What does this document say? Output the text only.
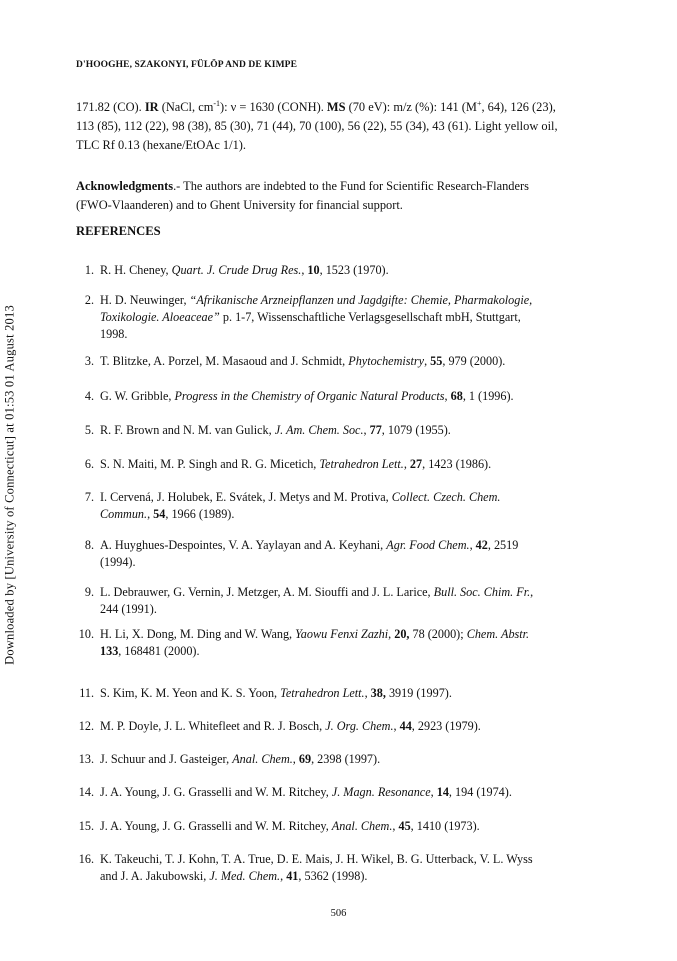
Downloaded by [University of Connecticut] at 01:53 01 August 2013
D'HOOGHE, SZAKONYI, FÜLÖP AND DE KIMPE

171.82 (CO). IR (NaCl, $cm^{-1}$): ν = 1630 (CONH). MS (70 eV): m/z (%): 141 (M+, 64), 126 (23),

113 (85), 112 (22), 98 (38), 85 (30), 71 (44), 70 (100), 56 (22), 55 (34), 43 (61). Light yellow oil,

TLC Rf 0.13 (hexane/EtOAc 1/1).

Acknowledgments.- The authors are indebted to the Fund for Scientific Research-Flanders

(FWO-Vlaanderen) and to Ghent University for financial support.

REFERENCES
1. R. H. Cheney, Quart. J. Crude Drug Res., 10, 1523 (1970).
2. H. D. Neuwinger, “Afrikanische Arzneipflanzen und Jagdgifte: Chemie, Pharmakologie,
Toxikologie. Aloeaceae” p. 1-7, Wissenschaftliche Verlagsgesellschaft mbH, Stuttgart,
1998.
3. T. Blitzke, A. Porzel, M. Masaoud and J. Schmidt, Phytochemistry, 55, 979 (2000).
4. G. W. Gribble, Progress in the Chemistry of Organic Natural Products, 68, 1 (1996).
5. R. F. Brown and N. M. van Gulick, J. Am. Chem. Soc., 77, 1079 (1955).
6. S. N. Maiti, M. P. Singh and R. G. Micetich, Tetrahedron Lett., 27, 1423 (1986).
7. I. Cervená, J. Holubek, E. Svátek, J. Metys and M. Protiva, Collect. Czech. Chem.
Commun., 54, 1966 (1989).
8. A. Huyghues-Despointes, V. A. Yaylayan and A. Keyhani, Agr. Food Chem., 42, 2519
(1994).
9. L. Debrauwer, G. Vernin, J. Metzger, A. M. Siouffi and J. L. Larice, Bull. Soc. Chim. Fr.,
244 (1991).
10. H. Li, X. Dong, M. Ding and W. Wang, Yaowu Fenxi Zazhi, 20, 78 (2000); Chem. Abstr.
133, 168481 (2000).
11. S. Kim, K. M. Yeon and K. S. Yoon, Tetrahedron Lett., 38, 3919 (1997).
12. M. P. Doyle, J. L. Whitefleet and R. J. Bosch, J. Org. Chem., 44, 2923 (1979).
13. J. Schuur and J. Gasteiger, Anal. Chem., 69, 2398 (1997).
14. J. A. Young, J. G. Grasselli and W. M. Ritchey, J. Magn. Resonance, 14, 194 (1974).
15. J. A. Young, J. G. Grasselli and W. M. Ritchey, Anal. Chem., 45, 1410 (1973).
16. K. Takeuchi, T. J. Kohn, T. A. True, D. E. Mais, J. H. Wikel, B. G. Utterback, V. L. Wyss
and J. A. Jakubowski, J. Med. Chem., 41, 5362 (1998).
506
